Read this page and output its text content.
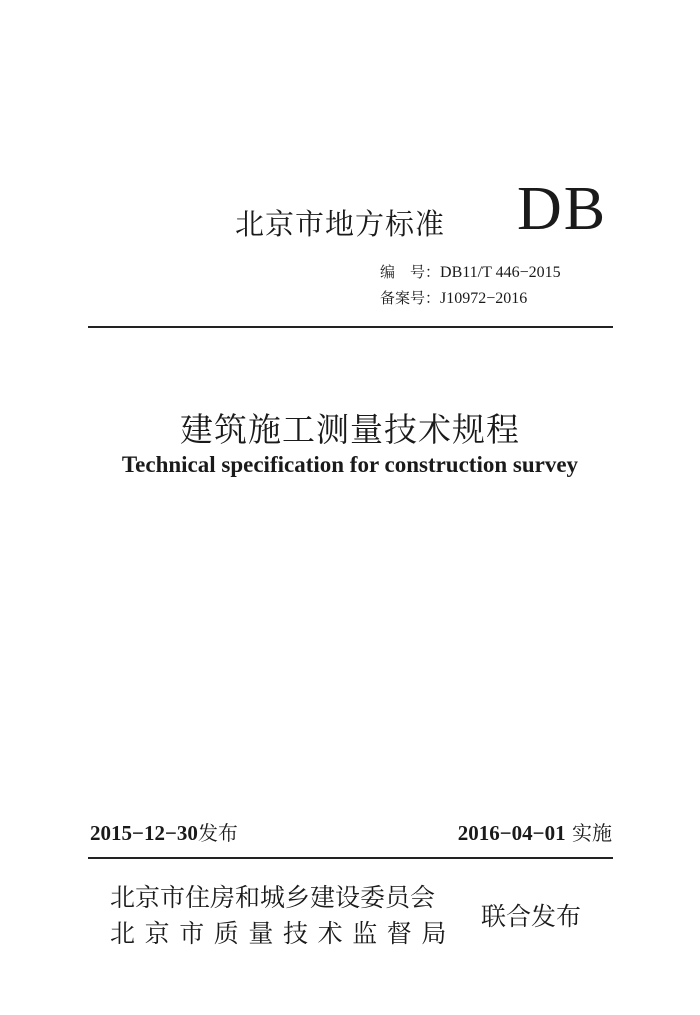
北京市地方标准 DB
编　号：DB11/T 446−2015
备案号：J10972−2016
建筑施工测量技术规程
Technical specification for construction survey
2015−12−30发布	2016−04−01 实施
北京市住房和城乡建设委员会
北京市质量技术监督局
联合发布
